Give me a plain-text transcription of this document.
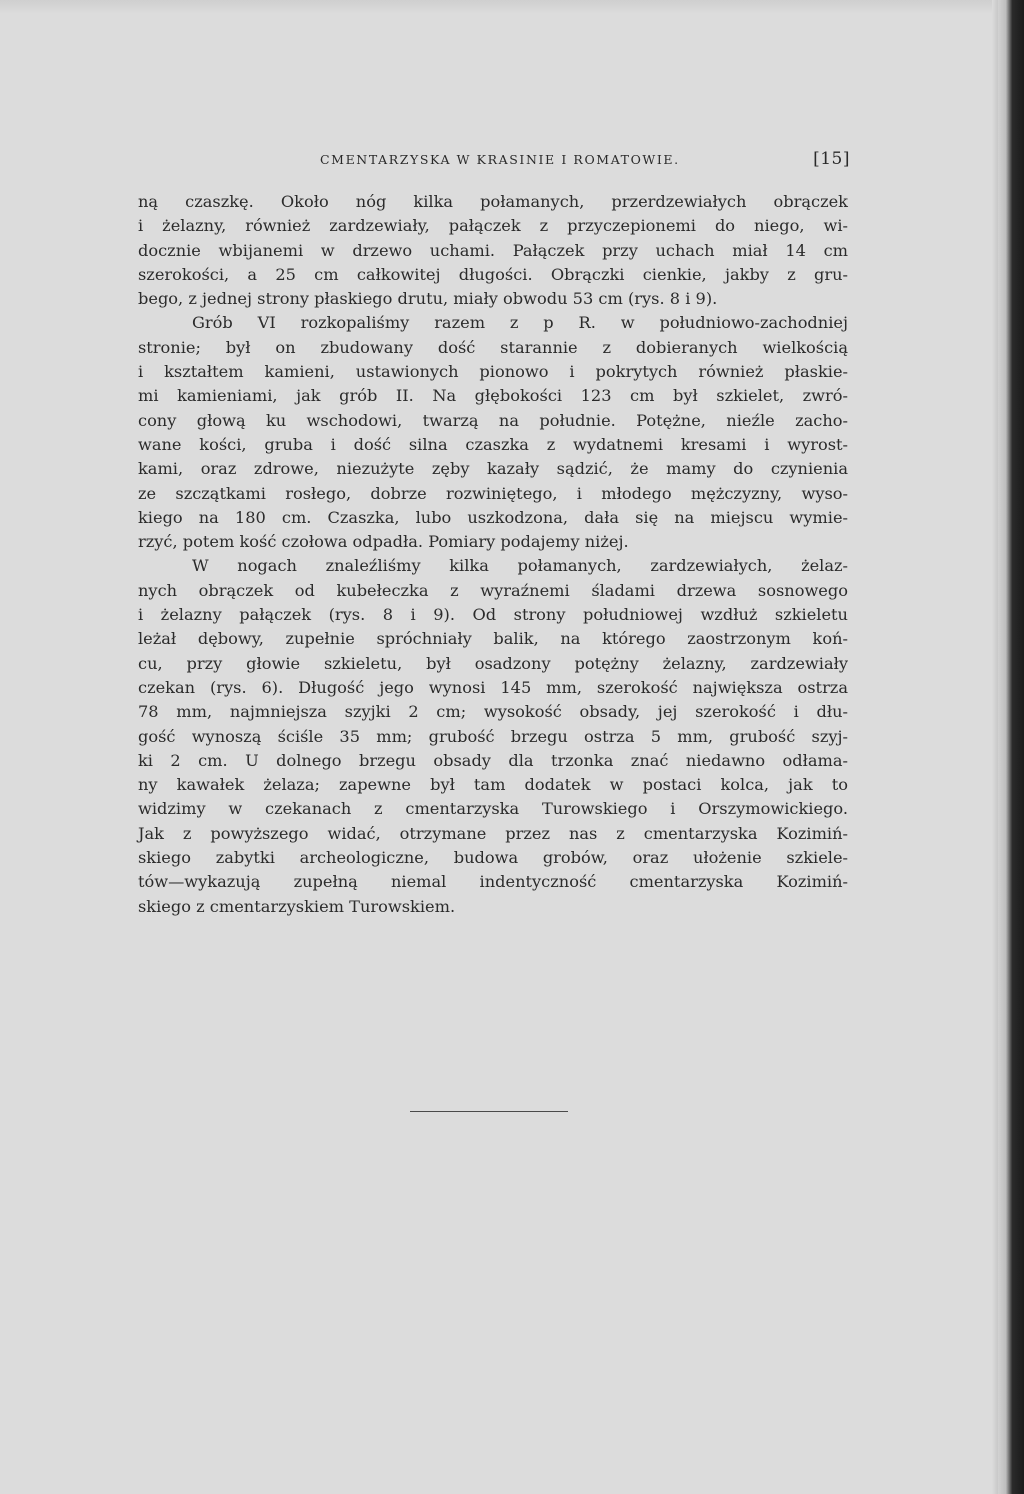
CMENTARZYSKA W KRASINIE I ROMATOWIE.	[15]
ną czaszkę. Około nóg kilka połamanych, przerdzewiałych obrączek
i żelazny, również zardzewiały, pałączek z przyczepionemi do niego, wi-
docznie wbijanemi w drzewo uchami. Pałączek przy uchach miał 14 cm
szerokości, a 25 cm całkowitej długości. Obrączki cienkie, jakby z gru-
bego, z jednej strony płaskiego drutu, miały obwodu 53 cm (rys. 8 i 9).
Grób VI rozkopaliśmy razem z p R. w południowo-zachodniej
stronie; był on zbudowany dość starannie z dobieranych wielkością
i kształtem kamieni, ustawionych pionowo i pokrytych również płaskie-
mi kamieniami, jak grób II. Na głębokości 123 cm był szkielet, zwró-
cony głową ku wschodowi, twarzą na południe. Potężne, nieźle zacho-
wane kości, gruba i dość silna czaszka z wydatnemi kresami i wyrost-
kami, oraz zdrowe, niezużyte zęby kazały sądzić, że mamy do czynienia
ze szczątkami rosłego, dobrze rozwiniętego, i młodego mężczyzny, wyso-
kiego na 180 cm. Czaszka, lubo uszkodzona, dała się na miejscu wymie-
rzyć, potem kość czołowa odpadła. Pomiary podajemy niżej.
W nogach znaleźliśmy kilka połamanych, zardzewiałych, żelaz-
nych obrączek od kubełeczka z wyraźnemi śladami drzewa sosnowego
i żelazny pałączek (rys. 8 i 9). Od strony południowej wzdłuż szkieletu
leżał dębowy, zupełnie spróchniały balik, na którego zaostrzonym koń-
cu, przy głowie szkieletu, był osadzony potężny żelazny, zardzewiały
czekan (rys. 6). Długość jego wynosi 145 mm, szerokość największa ostrza
78 mm, najmniejsza szyjki 2 cm; wysokość obsady, jej szerokość i dłu-
gość wynoszą ściśle 35 mm; grubość brzegu ostrza 5 mm, grubość szyj-
ki 2 cm. U dolnego brzegu obsady dla trzonka znać niedawno odłama-
ny kawałek żelaza; zapewne był tam dodatek w postaci kolca, jak to
widzimy w czekanach z cmentarzyska Turowskiego i Orszymowickiego.
Jak z powyższego widać, otrzymane przez nas z cmentarzyska Kozimiń-
skiego zabytki archeologiczne, budowa grobów, oraz ułożenie szkiele-
tów—wykazują zupełną niemal indentyczność cmentarzyska Kozimiń-
skiego z cmentarzyskiem Turowskiem.
